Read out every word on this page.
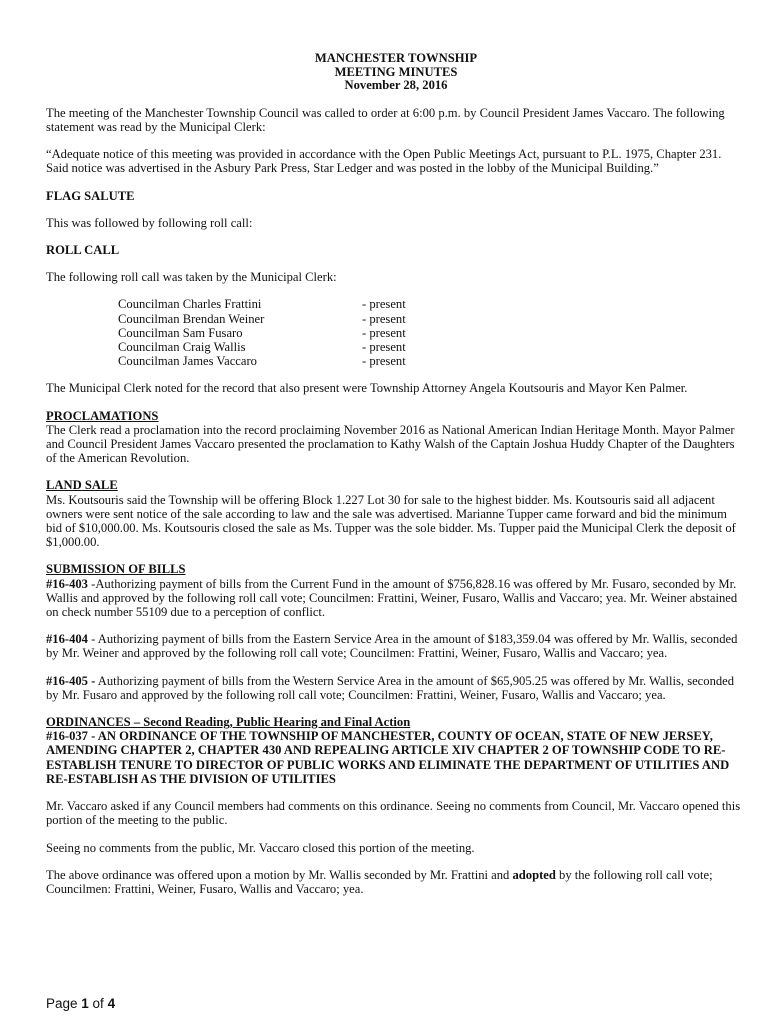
MANCHESTER TOWNSHIP
MEETING MINUTES
November 28, 2016

The meeting of the Manchester Township Council was called to order at 6:00 p.m. by Council President James Vaccaro. The following statement was read by the Municipal Clerk:

“Adequate notice of this meeting was provided in accordance with the Open Public Meetings Act, pursuant to P.L. 1975, Chapter 231. Said notice was advertised in the Asbury Park Press, Star Ledger and was posted in the lobby of the Municipal Building.”

FLAG SALUTE

This was followed by following roll call:

ROLL CALL

The following roll call was taken by the Municipal Clerk:

Councilman Charles Frattini	- present
Councilman Brendan Weiner	- present
Councilman Sam Fusaro	- present
Councilman Craig Wallis	- present
Councilman James Vaccaro	- present

The Municipal Clerk noted for the record that also present were Township Attorney Angela Koutsouris and Mayor Ken Palmer.

PROCLAMATIONS

The Clerk read a proclamation into the record proclaiming November 2016 as National American Indian Heritage Month. Mayor Palmer and Council President James Vaccaro presented the proclamation to Kathy Walsh of the Captain Joshua Huddy Chapter of the Daughters of the American Revolution.

LAND SALE

Ms. Koutsouris said the Township will be offering Block 1.227 Lot 30 for sale to the highest bidder. Ms. Koutsouris said all adjacent owners were sent notice of the sale according to law and the sale was advertised. Marianne Tupper came forward and bid the minimum bid of $10,000.00. Ms. Koutsouris closed the sale as Ms. Tupper was the sole bidder. Ms. Tupper paid the Municipal Clerk the deposit of $1,000.00.

SUBMISSION OF BILLS

#16-403 -Authorizing payment of bills from the Current Fund in the amount of $756,828.16 was offered by Mr. Fusaro, seconded by Mr. Wallis and approved by the following roll call vote; Councilmen: Frattini, Weiner, Fusaro, Wallis and Vaccaro; yea. Mr. Weiner abstained on check number 55109 due to a perception of conflict.

#16-404 - Authorizing payment of bills from the Eastern Service Area in the amount of $183,359.04 was offered by Mr. Wallis, seconded by Mr. Weiner and approved by the following roll call vote; Councilmen: Frattini, Weiner, Fusaro, Wallis and Vaccaro; yea.

#16-405 - Authorizing payment of bills from the Western Service Area in the amount of $65,905.25 was offered by Mr. Wallis, seconded by Mr. Fusaro and approved by the following roll call vote; Councilmen: Frattini, Weiner, Fusaro, Wallis and Vaccaro; yea.

ORDINANCES – Second Reading, Public Hearing and Final Action

#16-037 - AN ORDINANCE OF THE TOWNSHIP OF MANCHESTER, COUNTY OF OCEAN, STATE OF NEW JERSEY, AMENDING CHAPTER 2, CHAPTER 430 AND REPEALING ARTICLE XIV CHAPTER 2 OF TOWNSHIP CODE TO RE-ESTABLISH TENURE TO DIRECTOR OF PUBLIC WORKS AND ELIMINATE THE DEPARTMENT OF UTILITIES AND RE-ESTABLISH AS THE DIVISION OF UTILITIES

Mr. Vaccaro asked if any Council members had comments on this ordinance. Seeing no comments from Council, Mr. Vaccaro opened this portion of the meeting to the public.

Seeing no comments from the public, Mr. Vaccaro closed this portion of the meeting.

The above ordinance was offered upon a motion by Mr. Wallis seconded by Mr. Frattini and adopted by the following roll call vote; Councilmen: Frattini, Weiner, Fusaro, Wallis and Vaccaro; yea.

Page 1 of 4
